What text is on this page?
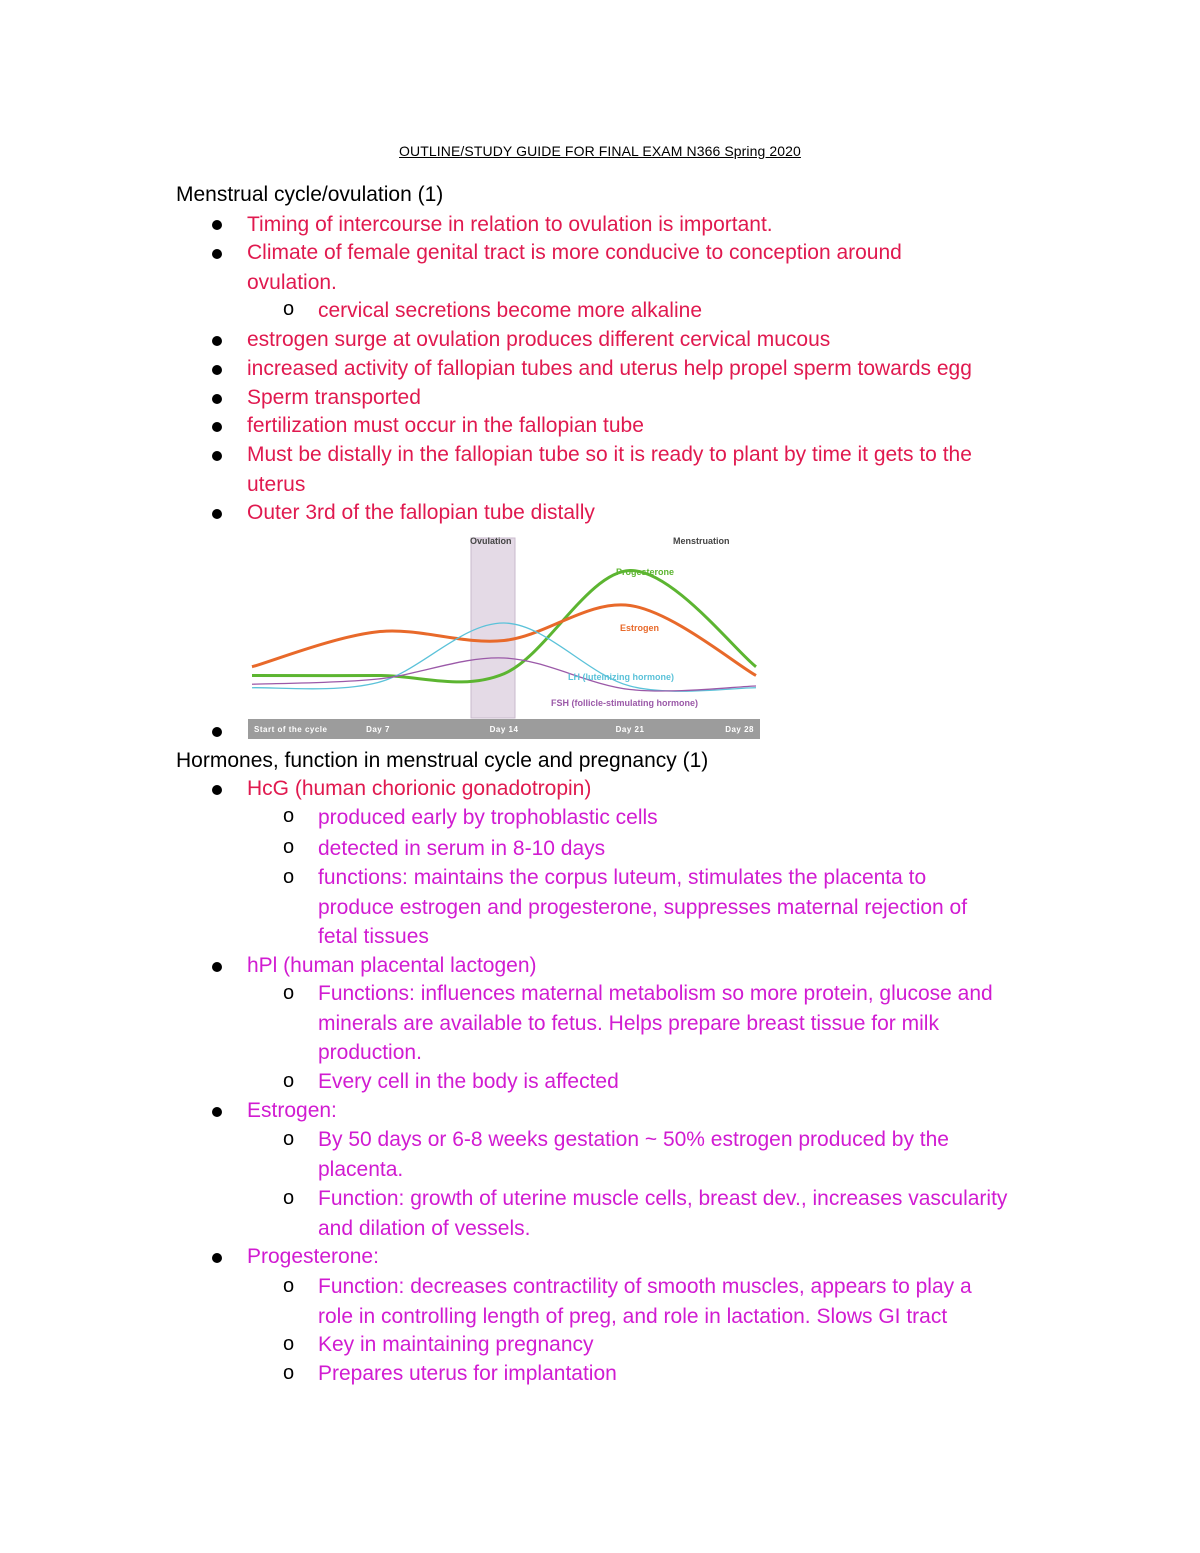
OUTLINE/STUDY GUIDE FOR FINAL EXAM N366 Spring 2020
Menstrual cycle/ovulation (1)
Timing of intercourse in relation to ovulation is important.
Climate of female genital tract is more conducive to conception around ovulation.
o cervical secretions become more alkaline
estrogen surge at ovulation produces different cervical mucous
increased activity of fallopian tubes and uterus help propel sperm towards egg
Sperm transported
fertilization must occur in the fallopian tube
Must be distally in the fallopian tube so it is ready to plant by time it gets to the uterus
Outer 3rd of the fallopian tube distally
Ovulation	Menstruation
Progesterone
Estrogen
LH (luteinizing hormone)
FSH (follicle-stimulating hormone)
Start of the cycle	Day 7	Day 14	Day 21	Day 28
Hormones, function in menstrual cycle and pregnancy (1)
HcG (human chorionic gonadotropin)
o produced early by trophoblastic cells
o detected in serum in 8-10 days
o functions: maintains the corpus luteum, stimulates the placenta to produce estrogen and progesterone, suppresses maternal rejection of fetal tissues
hPl (human placental lactogen)
o Functions: influences maternal metabolism so more protein, glucose and minerals are available to fetus. Helps prepare breast tissue for milk production.
o Every cell in the body is affected
Estrogen:
o By 50 days or 6-8 weeks gestation ~ 50% estrogen produced by the placenta.
o Function: growth of uterine muscle cells, breast dev., increases vascularity and dilation of vessels.
Progesterone:
o Function: decreases contractility of smooth muscles, appears to play a role in controlling length of preg, and role in lactation. Slows GI tract
o Key in maintaining pregnancy
o Prepares uterus for implantation
